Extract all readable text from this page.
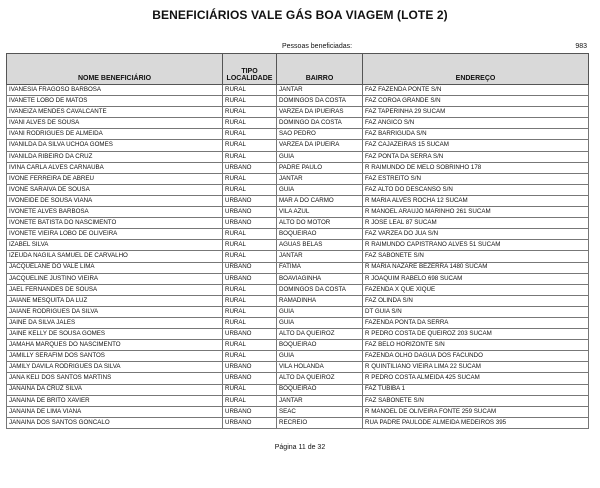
BENEFICIÁRIOS VALE GÁS BOA VIAGEM (LOTE 2)
Pessoas beneficiadas:	983
NOME BENEFICIÁRIO	TIPO LOCALIDADE	BAIRRO	ENDEREÇO
IVANESIA FRAGOSO BARBOSA	RURAL	JANTAR	FAZ FAZENDA PONTE S/N
IVANETE LOBO DE MATOS	RURAL	DOMINGOS DA COSTA	FAZ COROA GRANDE S/N
IVANEIZA MENDES CAVALCANTE	RURAL	VARZEA DA IPUEIRAS	FAZ TAPERINHA 29 SUCAM
IVANI ALVES DE SOUSA	RURAL	DOMINGO DA COSTA	FAZ ANGICO S/N
IVANI RODRIGUES DE ALMEIDA	RURAL	SAO PEDRO	FAZ BARRIGUDA S/N
IVANILDA DA SILVA UCHOA GOMES	RURAL	VARZEA DA IPUEIRA	FAZ CAJAZEIRAS 15 SUCAM
IVANILDA RIBEIRO DA CRUZ	RURAL	GUIA	FAZ PONTA DA SERRA S/N
IVINA CARLA ALVES CARNAUBA	URBANO	PADRE PAULO	R RAIMUNDO DE MELO SOBRINHO 178
IVONE FERREIRA DE ABREU	RURAL	JANTAR	FAZ ESTREITO S/N
IVONE SARAIVA DE SOUSA	RURAL	GUIA	FAZ ALTO DO DESCANSO S/N
IVONEIDE DE SOUSA VIANA	URBANO	MAR A DO CARMO	R MARIA ALVES ROCHA 12 SUCAM
IVONETE ALVES BARBOSA	URBANO	VILA AZUL	R MANOEL ARAUJO MARINHO 261 SUCAM
IVONETE BATISTA DO NASCIMENTO	URBANO	ALTO DO MOTOR	R JOSE LEAL 87 SUCAM
IVONETE VIEIRA LOBO DE OLIVEIRA	RURAL	BOQUEIRAO	FAZ VARZEA DO JUA S/N
IZABEL SILVA	RURAL	AGUAS BELAS	R RAIMUNDO CAPISTRANO ALVES 51 SUCAM
IZEUDA NAGILA SAMUEL DE CARVALHO	RURAL	JANTAR	FAZ SABONETE S/N
JACQUELANE DO VALE LIMA	URBANO	FATIMA	R MARIA NAZARE BEZERRA 1480 SUCAM
JACQUELINE JUSTINO VIEIRA	URBANO	BOAVIAGINHA	R JOAQUIM RABELO 698 SUCAM
JAEL FERNANDES DE SOUSA	RURAL	DOMINGOS DA COSTA	FAZENDA X QUE XIQUE
JAIANE MESQUITA DA LUZ	RURAL	RAMADINHA	FAZ OLINDA S/N
JAIANE RODRIGUES DA SILVA	RURAL	GUIA	DT GUIA S/N
JAINE DA SILVA JALES	RURAL	GUIA	FAZENDA PONTA DA SERRA
JAINE KELLY DE SOUSA GOMES	URBANO	ALTO DA QUEIROZ	R PEDRO COSTA DE QUEIROZ 203 SUCAM
JAMAHA MARQUES DO NASCIMENTO	RURAL	BOQUEIRAO	FAZ BELO HORIZONTE S/N
JAMILLY SERAFIM DOS SANTOS	RURAL	GUIA	FAZENDA OLHO DAGUA DOS FACUNDO
JAMILY DAVILA RODRIGUES DA SILVA	URBANO	VILA HOLANDA	R QUINTILIANO VIEIRA LIMA 22 SUCAM
JANA KELI DOS SANTOS MARTINS	URBANO	ALTO DA QUEIROZ	R PEDRO COSTA ALMEIDA 425 SUCAM
JANAINA DA CRUZ SILVA	RURAL	BOQUEIRAO	FAZ TUBIBA 1
JANAINA DE BRITO XAVIER	RURAL	JANTAR	FAZ SABONETE S/N
JANAINA DE LIMA VIANA	URBANO	SEAC	R MANOEL DE OLIVEIRA FONTE 259 SUCAM
JANAINA DOS SANTOS GONCALO	URBANO	RECREIO	RUA PADRE PAULODE ALMEIDA MEDEIROS 395
Página 11 de 32
